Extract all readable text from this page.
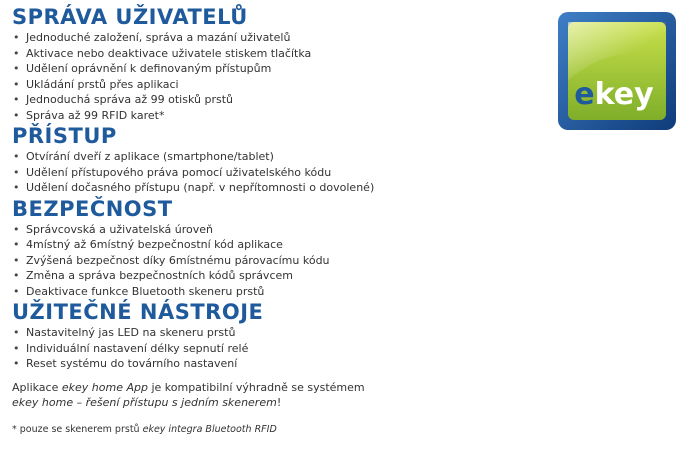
SPRÁVA UŽIVATELŮ
• Jednoduché založení, správa a mazání uživatelů
• Aktivace nebo deaktivace uživatele stiskem tlačítka
• Udělení oprávnění k definovaným přístupům
• Ukládání prstů přes aplikaci
• Jednoduchá správa až 99 otisků prstů
• Správa až 99 RFID karet*
PŘÍSTUP
• Otvírání dveří z aplikace (smartphone/tablet)
• Udělení přístupového práva pomocí uživatelského kódu
• Udělení dočasného přístupu (např. v nepřítomnosti o dovolené)
BEZPEČNOST
• Správcovská a uživatelská úroveň
• 4místný až 6místný bezpečnostní kód aplikace
• Zvýšená bezpečnost díky 6místnému párovacímu kódu
• Změna a správa bezpečnostních kódů správcem
• Deaktivace funkce Bluetooth skeneru prstů
UŽITEČNÉ NÁSTROJE
• Nastavitelný jas LED na skeneru prstů
• Individuální nastavení délky sepnutí relé
• Reset systému do továrního nastavení
Aplikace ekey home App je kompatibilní výhradně se systémem
ekey home – řešení přístupu s jedním skenerem!
* pouze se skenerem prstů ekey integra Bluetooth RFID
ekey
